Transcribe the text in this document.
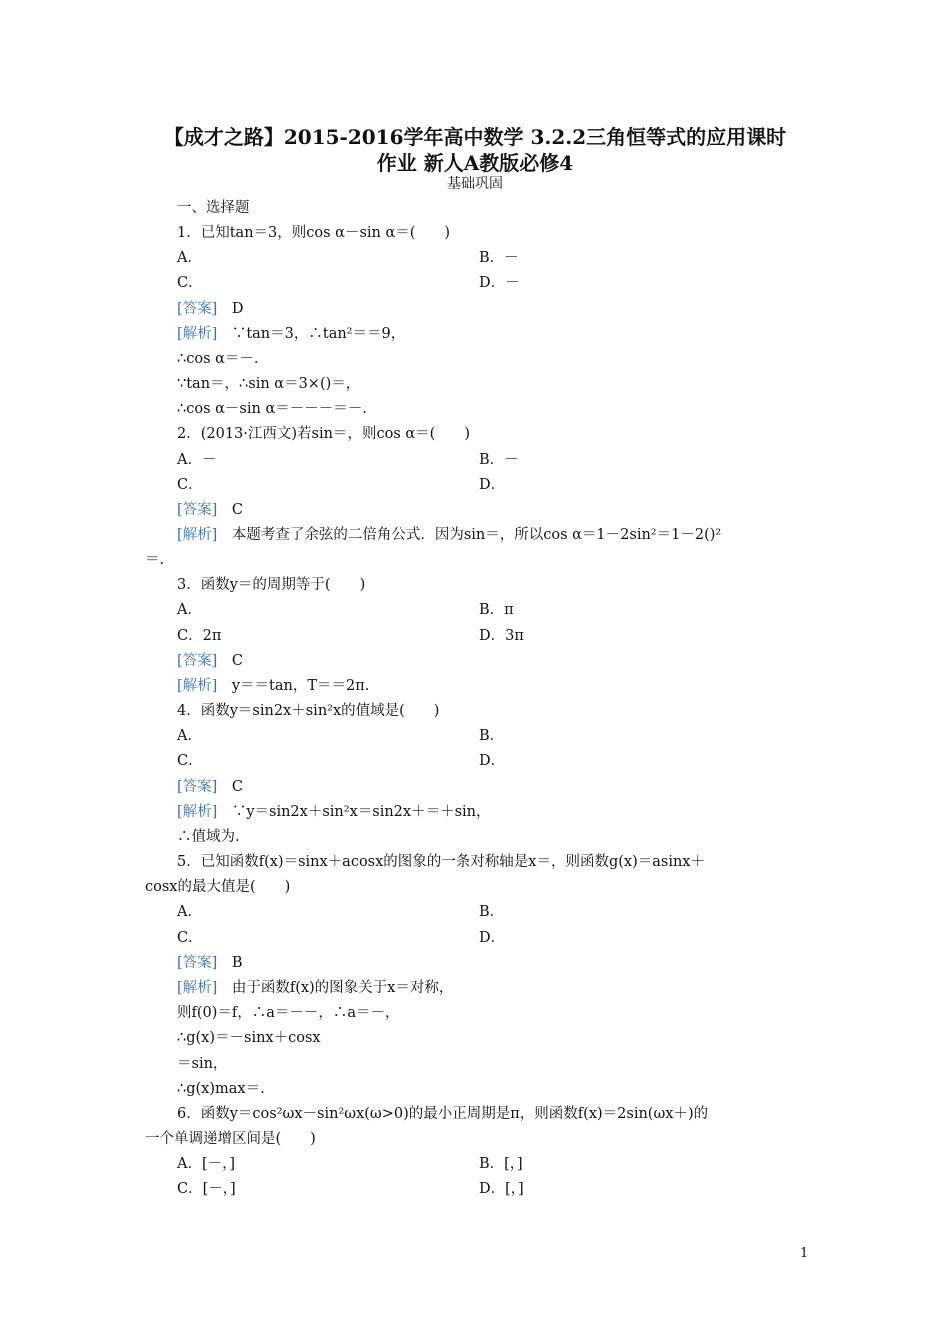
【成才之路】2015-2016学年高中数学 3.2.2三角恒等式的应用课时
作业 新人A教版必修4
基础巩固
一、选择题
1．已知tan＝3，则cos α－sin α＝(　　)
A．	B．－
C．	D．－
[答案]　 D
[解析]　 ∵tan＝3，∴tan²＝＝9，
∴cos α＝－.
∵tan＝，∴sin α＝3×()＝，
∴cos α－sin α＝－－－＝－.
2．(2013·江西文)若sin＝，则cos α＝(　　)
A．－	B．－
C．	D．
[答案]　 C
[解析]　 本题考查了余弦的二倍角公式．因为sin＝，所以cos α＝1－2sin²＝1－2()²
＝.
3．函数y＝的周期等于(　　)
A．	B．π
C．2π	D．3π
[答案]　 C
[解析]　 y＝＝tan，T＝＝2π.
4．函数y＝sin2x＋sin²x的值域是(　　)
A．	B．
C．	D．
[答案]　 C
[解析]　 ∵y＝sin2x＋sin²x＝sin2x＋＝＋sin，
∴值域为.
5．已知函数f(x)＝sinx＋acosx的图象的一条对称轴是x＝，则函数g(x)＝asinx＋
cosx的最大值是(　　)
A．	B．
C．	D．
[答案]　 B
[解析]　 由于函数f(x)的图象关于x＝对称，
则f(0)＝f，∴a＝－－，∴a＝－，
∴g(x)＝－sinx＋cosx
＝sin，
∴g(x)max＝.
6．函数y＝cos²ωx－sin²ωx(ω>0)的最小正周期是π，则函数f(x)＝2sin(ωx＋)的
一个单调递增区间是(　　)
A．[－，]	B．[，]
C．[－，]	D．[，]
1
